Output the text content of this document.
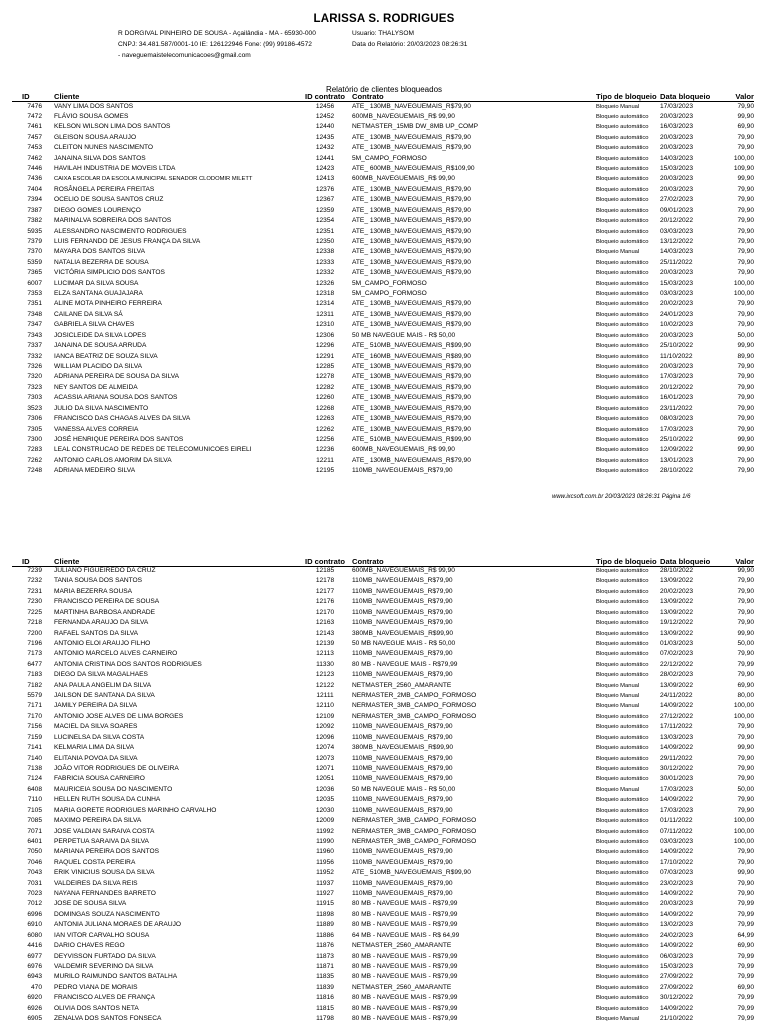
LARISSA S. RODRIGUES
R DORGIVAL PINHEIRO DE SOUSA - Açailândia - MA - 65930-000	Usuario: THALYSOM
CNPJ: 34.481.587/0001-10 IE: 126122946 Fone: (99) 99186-4572	Data do Relatório: 20/03/2023 08:26:31
- naveguemaistelecomunicacoes@gmail.com
Relatório de clientes bloqueados
ID	Cliente	ID contrato Contrato	Tipo de bloqueio Data bloqueio	Valor
7476 VANY LIMA DOS SANTOS	12456	ATE_ 130MB_NAVEGUEMAIS_R$79,90	Bloqueio Manual	17/03/2023	79,90
7472 FLÁVIO SOUSA GOMES	12452	600MB_NAVEGUEMAIS_R$ 99,90	Bloqueio automático	20/03/2023	99,90
7461 KELSON WILSON LIMA DOS SANTOS	12440	NETMASTER_15MB DW_8MB UP_COMP	Bloqueio automático	16/03/2023	69,90
7457 GLEISON SOUSA ARAUJO	12435	ATE_ 130MB_NAVEGUEMAIS_R$79,90	Bloqueio automático	20/03/2023	79,90
7453 CLEITON NUNES NASCIMENTO	12432	ATE_ 130MB_NAVEGUEMAIS_R$79,90	Bloqueio automático	20/03/2023	79,90
7462 JANAINA SILVA DOS SANTOS	12441	5M_CAMPO_FORMOSO	Bloqueio automático	14/03/2023	100,00
7446 HAVILAH INDUSTRIA DE MOVEIS LTDA	12423	ATE_ 600MB_NAVEGUEMAIS_R$109,90	Bloqueio automático	15/03/2023	109,90
7436 CAIXA ESCOLAR DA ESCOLA MUNICIPAL SENADOR CLODOMIR MILETT	12413	600MB_NAVEGUEMAIS_R$ 99,90	Bloqueio automático	20/03/2023	99,90
7404 ROSÂNGELA PEREIRA FREITAS	12376	ATE_ 130MB_NAVEGUEMAIS_R$79,90	Bloqueio automático	20/03/2023	79,90
7394 OCELIO DE SOUSA SANTOS CRUZ	12367	ATE_ 130MB_NAVEGUEMAIS_R$79,90	Bloqueio automático	27/02/2023	79,90
7387 DIEGO GOMES LOURENÇO	12359	ATE_ 130MB_NAVEGUEMAIS_R$79,90	Bloqueio automático	09/01/2023	79,90
7382 MARINALVA SOBREIRA DOS SANTOS	12354	ATE_ 130MB_NAVEGUEMAIS_R$79,90	Bloqueio automático	20/12/2022	79,90
5935 ALESSANDRO NASCIMENTO RODRIGUES	12351	ATE_ 130MB_NAVEGUEMAIS_R$79,90	Bloqueio automático	03/03/2023	79,90
7379 LUIS FERNANDO DE JESUS FRANÇA DA SILVA	12350	ATE_ 130MB_NAVEGUEMAIS_R$79,90	Bloqueio automático	13/12/2022	79,90
7370 MAYARA DOS SANTOS SILVA	12338	ATE_ 130MB_NAVEGUEMAIS_R$79,90	Bloqueio Manual	14/03/2023	79,90
5359 NATALIA BEZERRA DE SOUSA	12333	ATE_ 130MB_NAVEGUEMAIS_R$79,90	Bloqueio automático	25/11/2022	79,90
7365 VICTÓRIA SIMPLICIO DOS SANTOS	12332	ATE_ 130MB_NAVEGUEMAIS_R$79,90	Bloqueio automático	20/03/2023	79,90
6007 LUCIMAR DA SILVA SOUSA	12326	5M_CAMPO_FORMOSO	Bloqueio automático	15/03/2023	100,00
7353 ELZA SANTANA GUAJAJARA	12318	5M_CAMPO_FORMOSO	Bloqueio automático	03/03/2023	100,00
7351 ALINE MOTA PINHEIRO FERREIRA	12314	ATE_ 130MB_NAVEGUEMAIS_R$79,90	Bloqueio automático	20/02/2023	79,90
7348 CAILANE DA SILVA SÁ	12311	ATE_ 130MB_NAVEGUEMAIS_R$79,90	Bloqueio automático	24/01/2023	79,90
7347 GABRIELA SILVA CHAVES	12310	ATE_ 130MB_NAVEGUEMAIS_R$79,90	Bloqueio automático	10/02/2023	79,90
7343 JOSICLEIDE DA SILVA LOPES	12306	50 MB NAVEGUE MAIS - R$ 50,00	Bloqueio automático	20/03/2023	50,00
7337 JANAINA DE SOUSA ARRUDA	12296	ATE_ 510MB_NAVEGUEMAIS_R$99,90	Bloqueio automático	25/10/2022	99,90
7332 IANCA BEATRIZ DE SOUZA SILVA	12291	ATE_ 160MB_NAVEGUEMAIS_R$89,90	Bloqueio automático	11/10/2022	89,90
7326 WILLIAM PLACIDO DA SILVA	12285	ATE_ 130MB_NAVEGUEMAIS_R$79,90	Bloqueio automático	20/03/2023	79,90
7320 ADRIANA PEREIRA DE SOUSA DA SILVA	12278	ATE_ 130MB_NAVEGUEMAIS_R$79,90	Bloqueio automático	17/03/2023	79,90
7323 NEY SANTOS DE ALMEIDA	12282	ATE_ 130MB_NAVEGUEMAIS_R$79,90	Bloqueio automático	20/12/2022	79,90
7303 ACASSIA ARIANA SOUSA DOS SANTOS	12260	ATE_ 130MB_NAVEGUEMAIS_R$79,90	Bloqueio automático	16/01/2023	79,90
3523 JULIO DA SILVA NASCIMENTO	12268	ATE_ 130MB_NAVEGUEMAIS_R$79,90	Bloqueio automático	23/11/2022	79,90
7306 FRANCISCO DAS CHAGAS ALVES DA SILVA	12263	ATE_ 130MB_NAVEGUEMAIS_R$79,90	Bloqueio automático	08/03/2023	79,90
7305 VANESSA ALVES CORREIA	12262	ATE_ 130MB_NAVEGUEMAIS_R$79,90	Bloqueio automático	17/03/2023	79,90
7300 JOSÉ HENRIQUE PEREIRA DOS SANTOS	12256	ATE_ 510MB_NAVEGUEMAIS_R$99,90	Bloqueio automático	25/10/2022	99,90
7283 LEAL CONSTRUCAO DE REDES DE TELECOMUNICOES EIRELI	12236	600MB_NAVEGUEMAIS_R$ 99,90	Bloqueio automático	12/09/2022	99,90
7262 ANTONIO CARLOS AMORIM DA SILVA	12211	ATE_ 130MB_NAVEGUEMAIS_R$79,90	Bloqueio automático	13/01/2023	79,90
7248 ADRIANA MEDEIRO SILVA	12195	110MB_NAVEGUEMAIS_R$79,90	Bloqueio automático	28/10/2022	79,90
www.ixcsoft.com.br 20/03/2023 08:26:31 Página 1/6
ID	Cliente	ID contrato Contrato	Tipo de bloqueio Data bloqueio	Valor
7239 JULIANO FIGUEIREDO DA CRUZ	12185	600MB_NAVEGUEMAIS_R$ 99,90	Bloqueio automático	28/10/2022	99,90
7232 TANIA SOUSA DOS SANTOS	12178	110MB_NAVEGUEMAIS_R$79,90	Bloqueio automático	13/09/2022	79,90
7231 MARIA BEZERRA SOUSA	12177	110MB_NAVEGUEMAIS_R$79,90	Bloqueio automático	20/02/2023	79,90
7230 FRANCISCO PEREIRA DE SOUSA	12176	110MB_NAVEGUEMAIS_R$79,90	Bloqueio automático	13/09/2022	79,90
7225 MARTINHA BARBOSA ANDRADE	12170	110MB_NAVEGUEMAIS_R$79,90	Bloqueio automático	13/09/2022	79,90
7218 FERNANDA ARAUJO DA SILVA	12163	110MB_NAVEGUEMAIS_R$79,90	Bloqueio automático	19/12/2022	79,90
7200 RAFAEL SANTOS DA SILVA	12143	380MB_NAVEGUEMAIS_R$99,90	Bloqueio automático	13/09/2022	99,90
7196 ANTONIO ELOI ARAUJO FILHO	12139	50 MB NAVEGUE MAIS - R$ 50,00	Bloqueio automático	01/03/2023	50,00
7173 ANTONIO MARCELO ALVES CARNEIRO	12113	110MB_NAVEGUEMAIS_R$79,90	Bloqueio automático	07/02/2023	79,90
6477 ANTONIA CRISTINA DOS SANTOS RODRIGUES	11330	80 MB - NAVEGUE MAIS - R$79,99	Bloqueio automático	22/12/2022	79,99
7183 DIEGO DA SILVA MAGALHAES	12123	110MB_NAVEGUEMAIS_R$79,90	Bloqueio automático	28/02/2023	79,90
7182 ANA PAULA ANGELIM DA SILVA	12122	NETMASTER_2560_AMARANTE	Bloqueio Manual	13/09/2022	69,90
5579 JAILSON DE SANTANA DA SILVA	12111	NERMASTER_2MB_CAMPO_FORMOSO	Bloqueio Manual	24/11/2022	80,00
7171 JAMILY PEREIRA DA SILVA	12110	NERMASTER_3MB_CAMPO_FORMOSO	Bloqueio Manual	14/09/2022	100,00
7170 ANTONIO JOSE ALVES DE LIMA BORGES	12109	NERMASTER_3MB_CAMPO_FORMOSO	Bloqueio automático	27/12/2022	100,00
7156 MACIEL DA SILVA SOARES	12092	110MB_NAVEGUEMAIS_R$79,90	Bloqueio automático	17/11/2022	79,90
7159 LUCINELSA DA SILVA COSTA	12096	110MB_NAVEGUEMAIS_R$79,90	Bloqueio automático	13/03/2023	79,90
7141 KELMARIA LIMA DA SILVA	12074	380MB_NAVEGUEMAIS_R$99,90	Bloqueio automático	14/09/2022	99,90
7140 ELITANIA POVOA DA SILVA	12073	110MB_NAVEGUEMAIS_R$79,90	Bloqueio automático	29/11/2022	79,90
7138 JOÃO VITOR RODRIGUES DE OLIVEIRA	12071	110MB_NAVEGUEMAIS_R$79,90	Bloqueio automático	30/12/2022	79,90
7124 FABRICIA SOUSA CARNEIRO	12051	110MB_NAVEGUEMAIS_R$79,90	Bloqueio automático	30/01/2023	79,90
6408 MAURICEIA SOUSA DO NASCIMENTO	12036	50 MB NAVEGUE MAIS - R$ 50,00	Bloqueio Manual	17/03/2023	50,00
7110 HELLEN RUTH SOUSA DA CUNHA	12035	110MB_NAVEGUEMAIS_R$79,90	Bloqueio automático	14/09/2022	79,90
7105 MARIA GORETE RODRIGUES MARINHO CARVALHO	12030	110MB_NAVEGUEMAIS_R$79,90	Bloqueio automático	17/03/2023	79,90
7085 MAXIMO PEREIRA DA SILVA	12009	NERMASTER_3MB_CAMPO_FORMOSO	Bloqueio automático	01/11/2022	100,00
7071 JOSE VALDIAN SARAIVA COSTA	11992	NERMASTER_3MB_CAMPO_FORMOSO	Bloqueio automático	07/11/2022	100,00
6401 PERPETUA SARAIVA DA SILVA	11990	NERMASTER_3MB_CAMPO_FORMOSO	Bloqueio automático	03/03/2023	100,00
7050 MARIANA PEREIRA DOS SANTOS	11960	110MB_NAVEGUEMAIS_R$79,90	Bloqueio automático	14/09/2022	79,90
7046 RAQUEL COSTA PEREIRA	11956	110MB_NAVEGUEMAIS_R$79,90	Bloqueio automático	17/10/2022	79,90
7043 ERIK VINICIUS SOUSA DA SILVA	11952	ATE_ 510MB_NAVEGUEMAIS_R$99,90	Bloqueio automático	07/03/2023	99,90
7031 VALDEIRES DA SILVA REIS	11937	110MB_NAVEGUEMAIS_R$79,90	Bloqueio automático	23/02/2023	79,90
7023 NAYANA FERNANDES BARRETO	11927	110MB_NAVEGUEMAIS_R$79,90	Bloqueio automático	14/09/2022	79,90
7012 JOSE DE SOUSA SILVA	11915	80 MB - NAVEGUE MAIS - R$79,99	Bloqueio automático	20/03/2023	79,99
6996 DOMINGAS SOUZA NASCIMENTO	11898	80 MB - NAVEGUE MAIS - R$79,99	Bloqueio automático	14/09/2022	79,99
6910 ANTONIA JULIANA MORAES DE ARAUJO	11889	80 MB - NAVEGUE MAIS - R$79,99	Bloqueio automático	13/02/2023	79,99
6080 IAN VITOR CARVALHO SOUSA	11886	64 MB - NAVEGUE MAIS - R$ 64,99	Bloqueio automático	24/02/2023	64,99
4416 DARIO CHAVES REGO	11876	NETMASTER_2560_AMARANTE	Bloqueio automático	14/09/2022	69,90
6977 DEYVISSON FURTADO DA SILVA	11873	80 MB - NAVEGUE MAIS - R$79,99	Bloqueio automático	06/03/2023	79,99
6976 VALDEMIR SEVERINO DA SILVA	11871	80 MB - NAVEGUE MAIS - R$79,99	Bloqueio automático	15/03/2023	79,99
6943 MURILO RAIMUNDO SANTOS BATALHA	11835	80 MB - NAVEGUE MAIS - R$79,99	Bloqueio automático	27/09/2022	79,99
470 PEDRO VIANA DE MORAIS	11839	NETMASTER_2560_AMARANTE	Bloqueio automático	27/09/2022	69,90
6920 FRANCISCO ALVES DE FRANÇA	11816	80 MB - NAVEGUE MAIS - R$79,99	Bloqueio automático	30/12/2022	79,99
6926 OLIVIA DOS SANTOS NETA	11815	80 MB - NAVEGUE MAIS - R$79,99	Bloqueio automático	14/09/2022	79,99
6905 ZENALVA DOS SANTOS FONSECA	11798	80 MB - NAVEGUE MAIS - R$79,99	Bloqueio Manual	21/10/2022	79,99
